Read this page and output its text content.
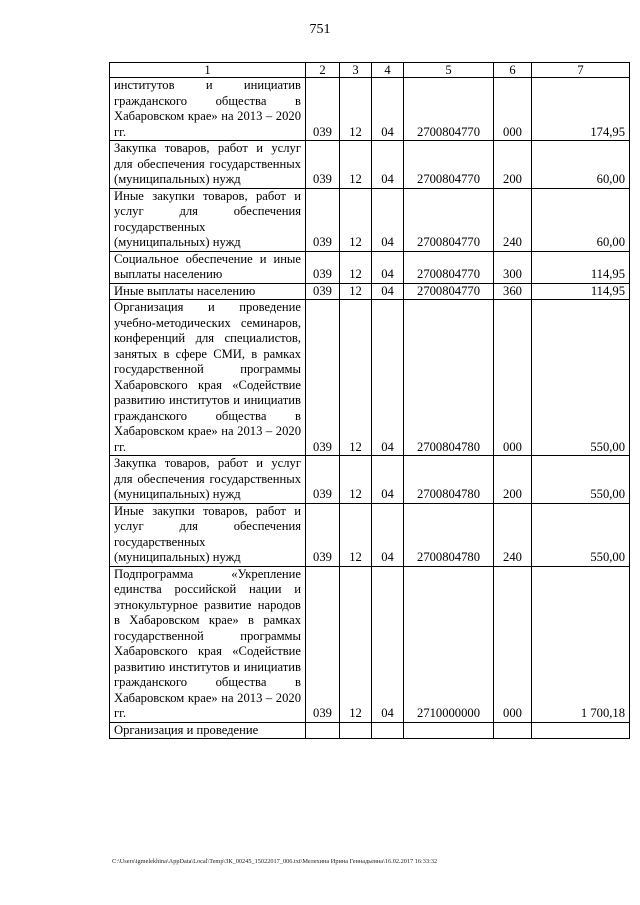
751
1	2	3	4	5	6	7
институтов и инициатив гражданского общества в Хабаровском крае» на 2013 – 2020 гг.	039	12	04	2700804770	000	174,95
Закупка товаров, работ и услуг для обеспечения государственных (муниципальных) нужд	039	12	04	2700804770	200	60,00
Иные закупки товаров, работ и услуг для обеспечения государственных (муниципальных) нужд	039	12	04	2700804770	240	60,00
Социальное обеспечение и иные выплаты населению	039	12	04	2700804770	300	114,95
Иные выплаты населению	039	12	04	2700804770	360	114,95
Организация и проведение учебно-методических семинаров, конференций для специалистов, занятых в сфере СМИ, в рамках государственной программы Хабаровского края «Содействие развитию институтов и инициатив гражданского общества в Хабаровском крае» на 2013 – 2020 гг.	039	12	04	2700804780	000	550,00
Закупка товаров, работ и услуг для обеспечения государственных (муниципальных) нужд	039	12	04	2700804780	200	550,00
Иные закупки товаров, работ и услуг для обеспечения государственных (муниципальных) нужд	039	12	04	2700804780	240	550,00
Подпрограмма «Укрепление единства российской нации и этнокультурное развитие народов в Хабаровском крае» в рамках государственной программы Хабаровского края «Содействие развитию институтов и инициатив гражданского общества в Хабаровском крае» на 2013 – 2020 гг.	039	12	04	2710000000	000	1 700,18
Организация и проведение						
C:\Users\igmelekhina\AppData\Local\Temp\ЗК_00245_15022017_006.txt\Мелехина Ирина Геннадьевна\16.02.2017 16:33:32
